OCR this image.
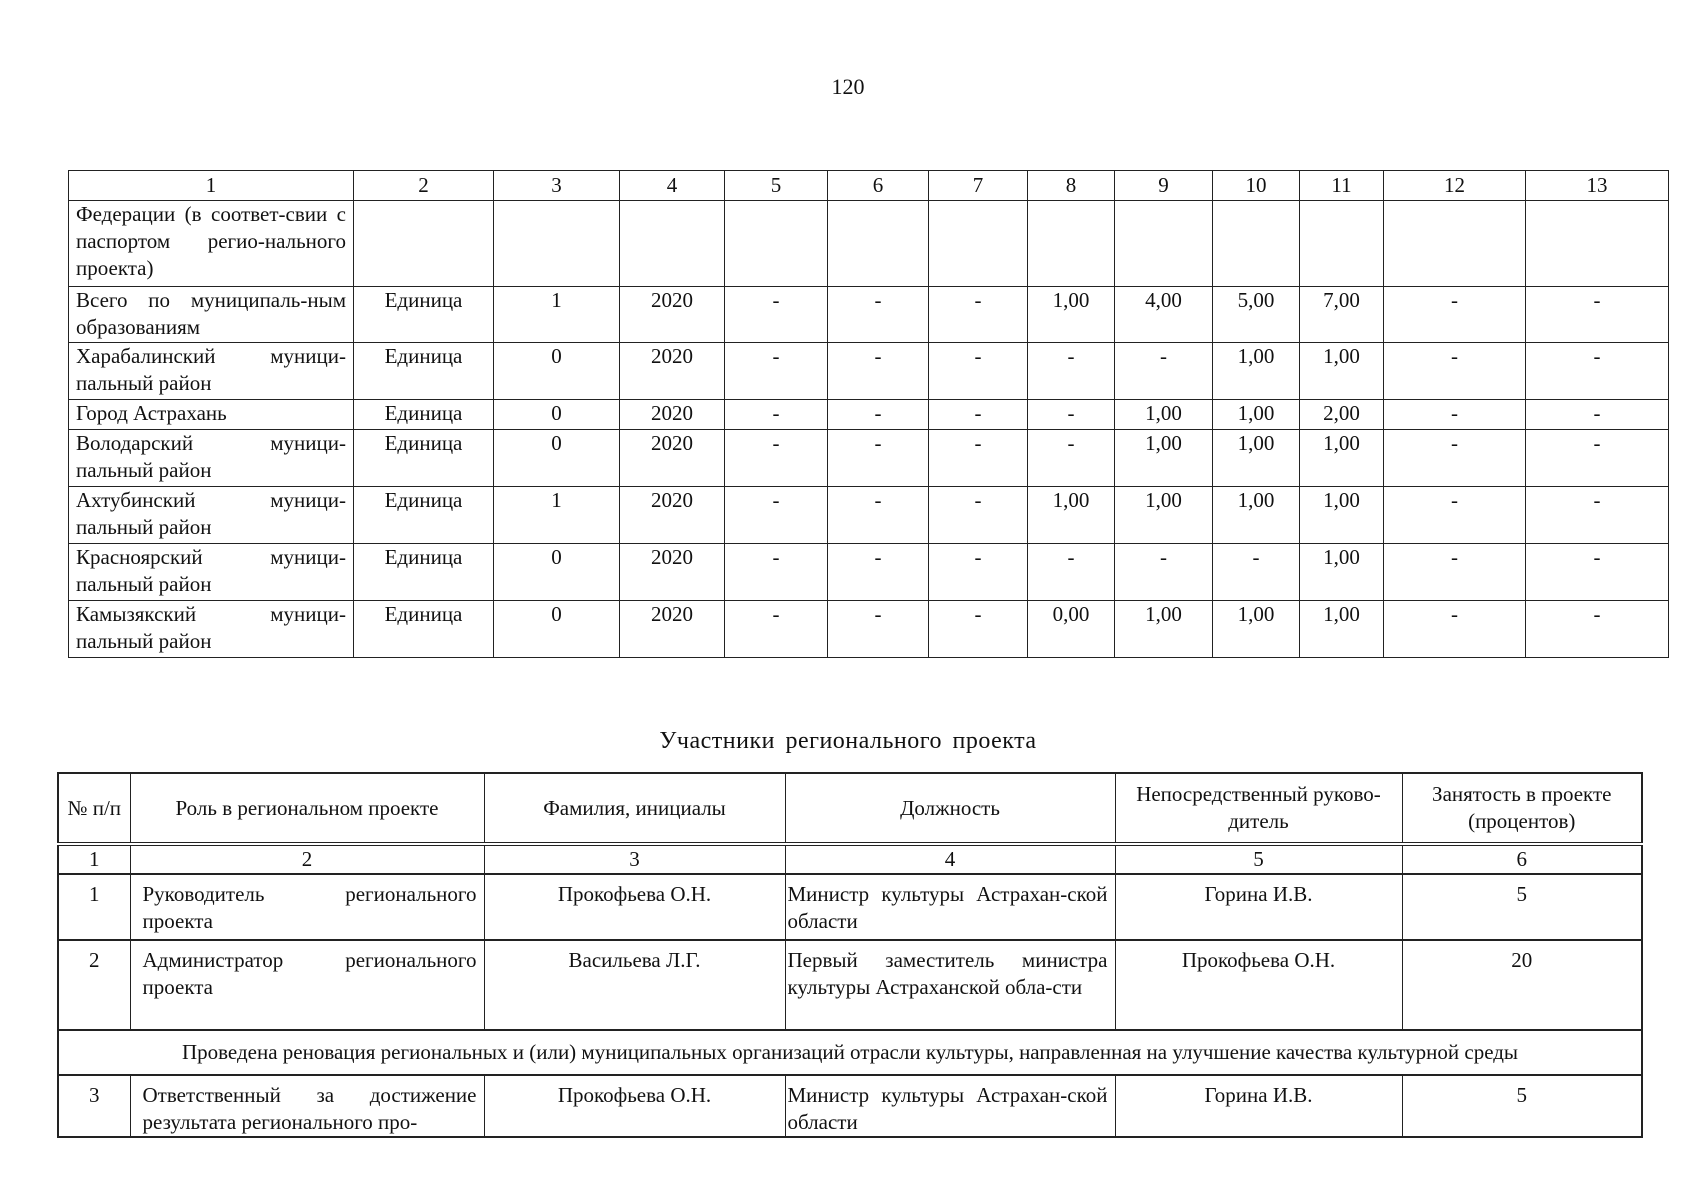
120
1	2	3	4	5	6	7	8	9	10	11	12	13
Федерации (в соответ-свии с паспортом регио-нального проекта)												
Всего по муниципаль-ным образованиям	Единица	1	2020	-	-	-	1,00	4,00	5,00	7,00	-	-
Харабалинский муници-пальный район	Единица	0	2020	-	-	-	-	-	1,00	1,00	-	-
Город Астрахань	Единица	0	2020	-	-	-	-	1,00	1,00	2,00	-	-
Володарский муници-пальный район	Единица	0	2020	-	-	-	-	1,00	1,00	1,00	-	-
Ахтубинский муници-пальный район	Единица	1	2020	-	-	-	1,00	1,00	1,00	1,00	-	-
Красноярский муници-пальный район	Единица	0	2020	-	-	-	-	-	-	1,00	-	-
Камызякский муници-пальный район	Единица	0	2020	-	-	-	0,00	1,00	1,00	1,00	-	-
Участники регионального проекта
№ п/п	Роль в региональном проекте	Фамилия, инициалы	Должность	Непосредственный руково-дитель	Занятость в проекте (процентов)
1	2	3	4	5	6
1	Руководитель регионального проекта	Прокофьева О.Н.	Министр культуры Астрахан-ской области	Горина И.В.	5
2	Администратор регионального проекта	Васильева Л.Г.	Первый заместитель министра культуры Астраханской обла-сти	Прокофьева О.Н.	20
Проведена реновация региональных и (или) муниципальных организаций отрасли культуры, направленная на улучшение качества культурной среды					
3	Ответственный за достижение результата регионального про-	Прокофьева О.Н.	Министр культуры Астрахан-ской области	Горина И.В.	5
